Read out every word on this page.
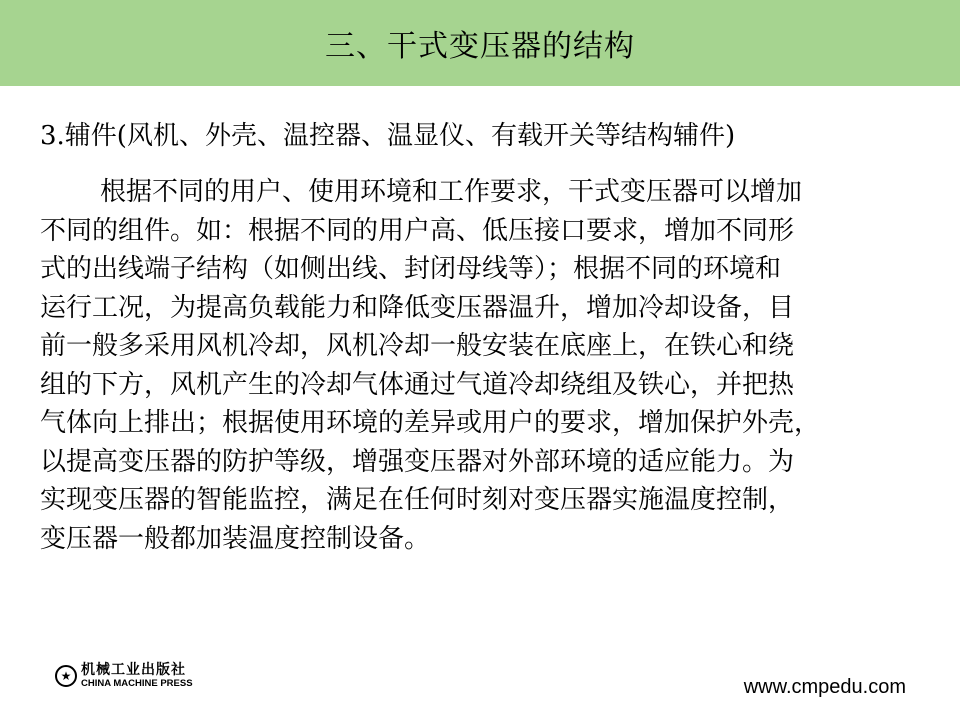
三、干式变压器的结构

3.辅件(风机、外壳、温控器、温显仪、有载开关等结构辅件)

根据不同的用户、使用环境和工作要求，干式变压器可以增加

不同的组件。如：根据不同的用户高、低压接口要求，增加不同形

式的出线端子结构（如侧出线、封闭母线等）；根据不同的环境和

运行工况，为提高负载能力和降低变压器温升，增加冷却设备，目

前一般多采用风机冷却，风机冷却一般安装在底座上，在铁心和绕

组的下方，风机产生的冷却气体通过气道冷却绕组及铁心，并把热

气体向上排出；根据使用环境的差异或用户的要求，增加保护外壳，

以提高变压器的防护等级，增强变压器对外部环境的适应能力。为

实现变压器的智能监控，满足在任何时刻对变压器实施温度控制，

变压器一般都加装温度控制设备。

★ 机械工业出版社
CHINA MACHINE PRESS	www.cmpedu.com
